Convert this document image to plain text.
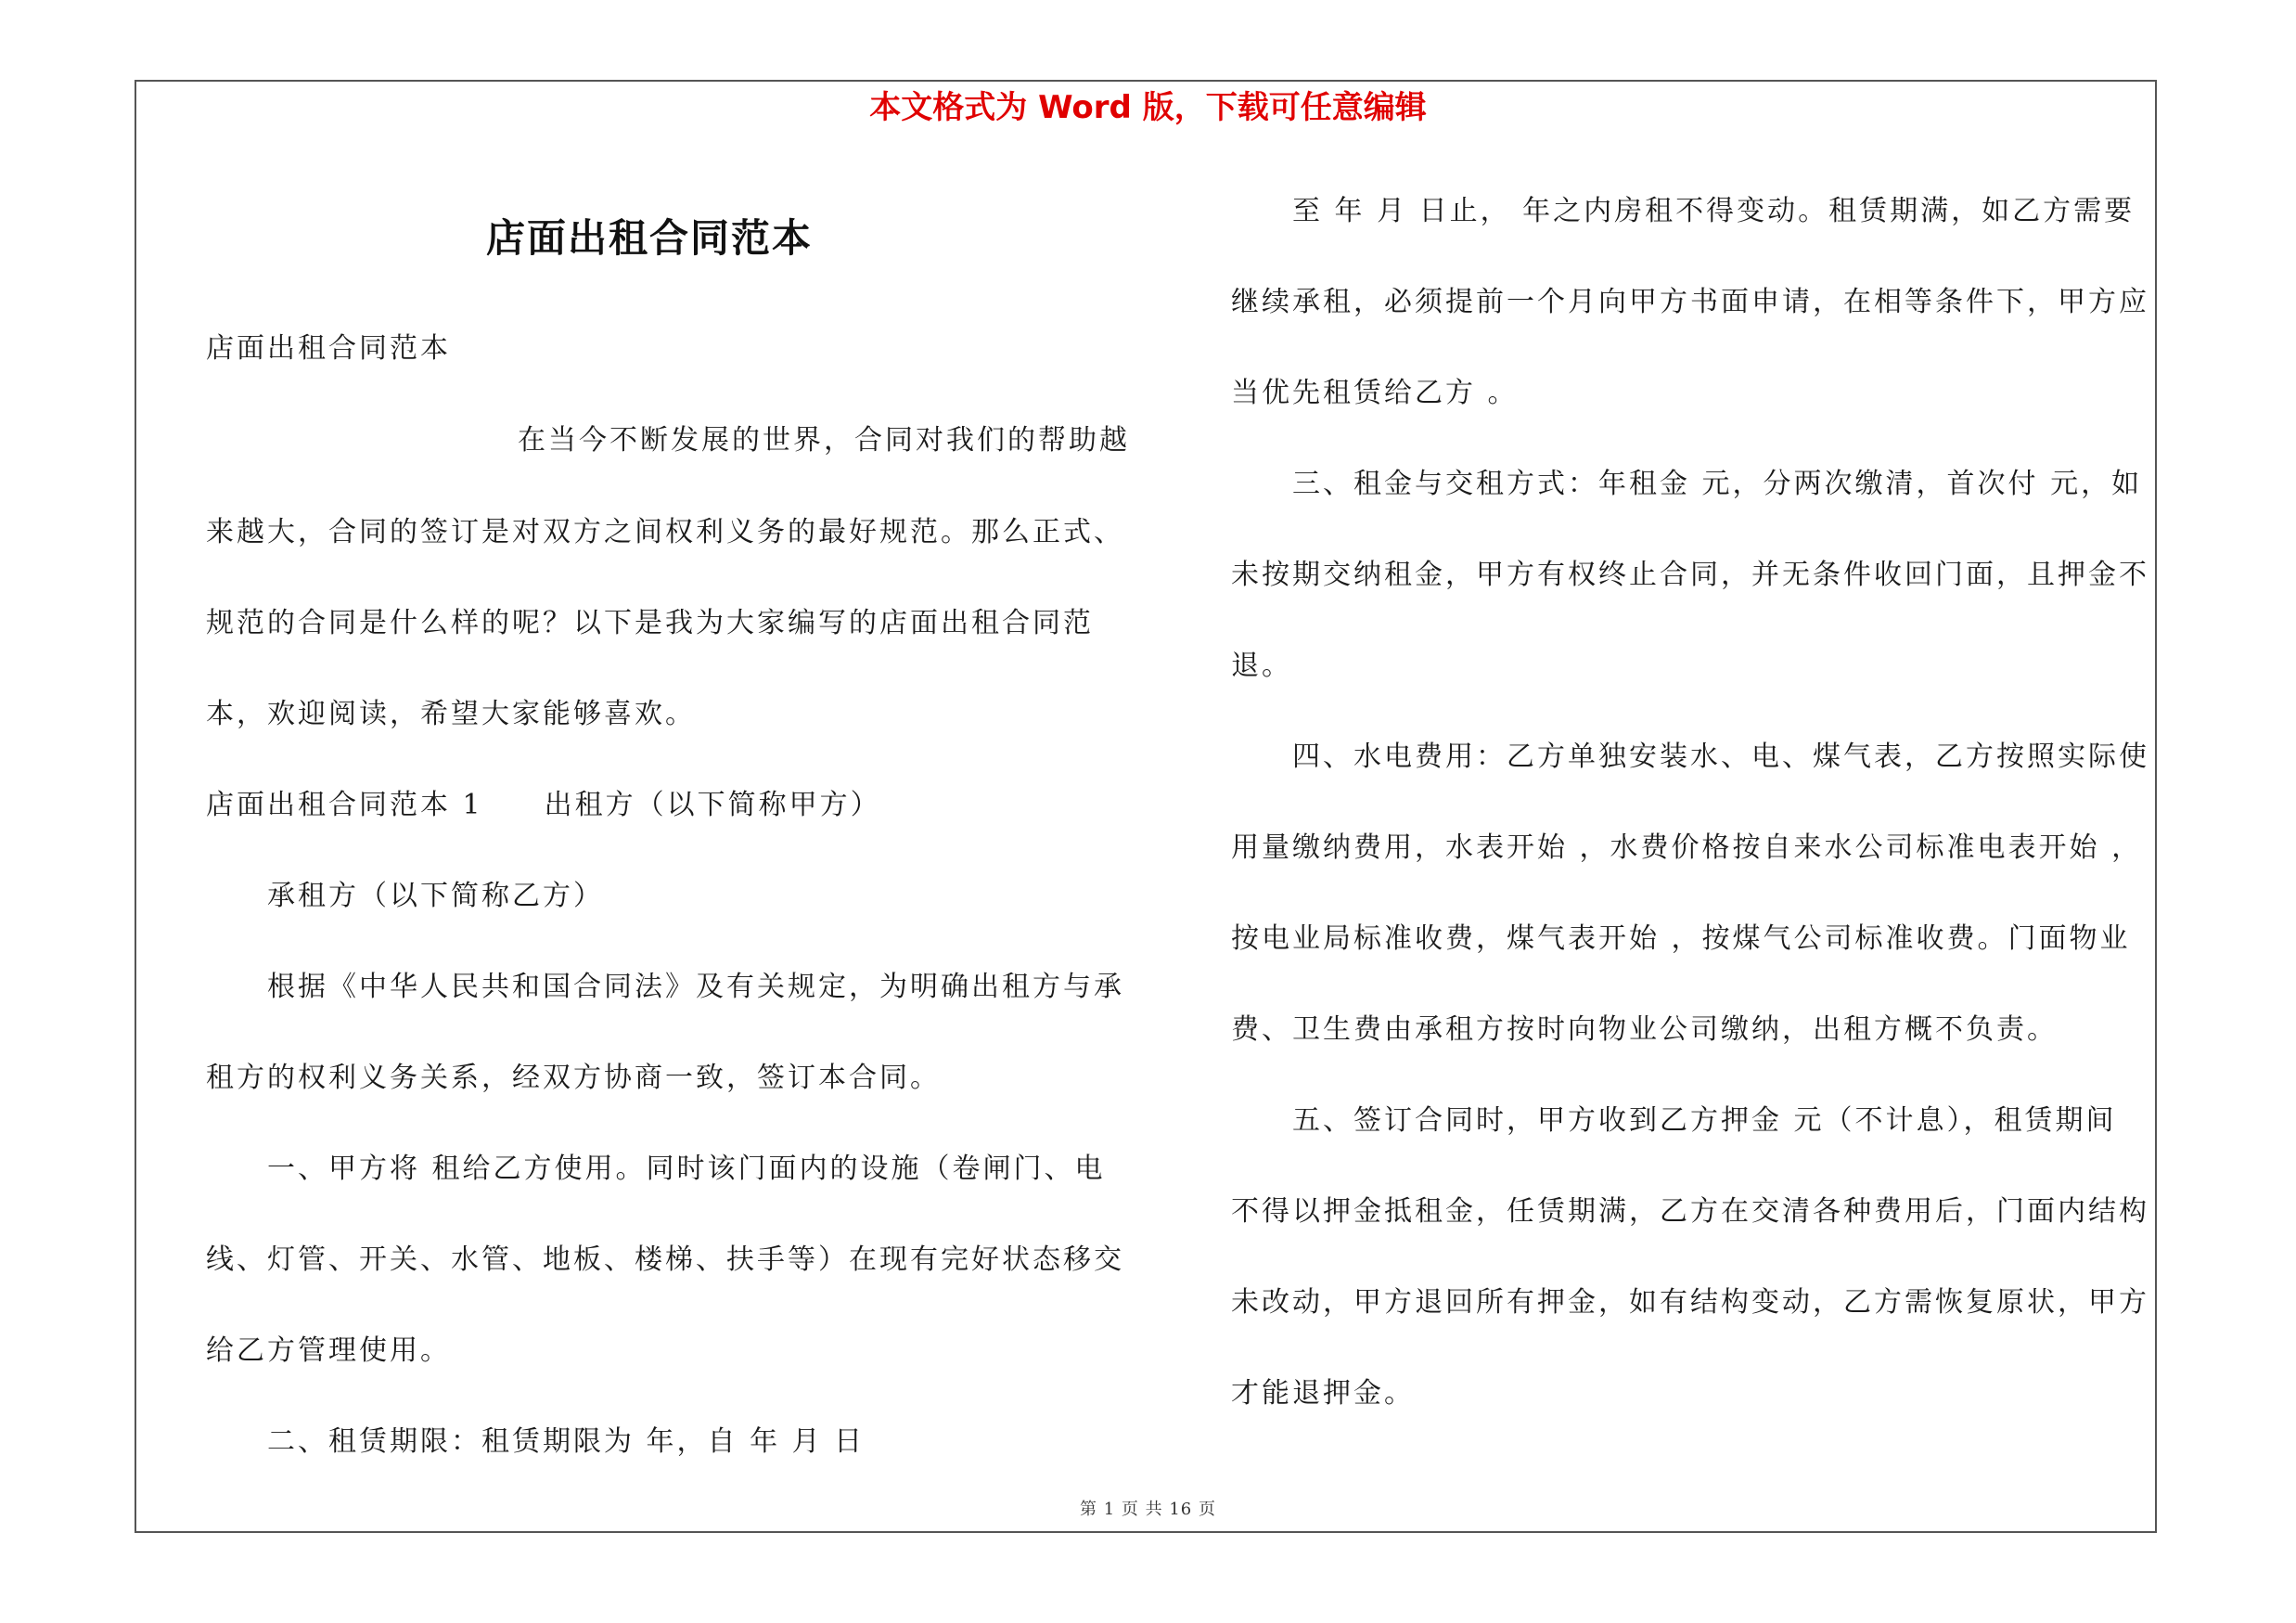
本文格式为 Word 版，下载可任意编辑
店面出租合同范本
店面出租合同范本
在当今不断发展的世界，合同对我们的帮助越
来越大，合同的签订是对双方之间权利义务的最好规范。那么正式、
规范的合同是什么样的呢？以下是我为大家编写的店面出租合同范
本，欢迎阅读，希望大家能够喜欢。
店面出租合同范本 1　　出租方（以下简称甲方）
承租方（以下简称乙方）
根据《中华人民共和国合同法》及有关规定，为明确出租方与承
租方的权利义务关系，经双方协商一致，签订本合同。
一、甲方将 租给乙方使用。同时该门面内的设施（卷闸门、电
线、灯管、开关、水管、地板、楼梯、扶手等）在现有完好状态移交
给乙方管理使用。
二、租赁期限：租赁期限为 年，自 年 月 日
至 年 月 日止， 年之内房租不得变动。租赁期满，如乙方需要
继续承租，必须提前一个月向甲方书面申请，在相等条件下，甲方应
当优先租赁给乙方 。
三、租金与交租方式：年租金 元，分两次缴清，首次付 元，如
未按期交纳租金，甲方有权终止合同，并无条件收回门面，且押金不
退。
四、水电费用：乙方单独安装水、电、煤气表，乙方按照实际使
用量缴纳费用，水表开始 ，水费价格按自来水公司标准电表开始 ，
按电业局标准收费，煤气表开始 ，按煤气公司标准收费。门面物业
费、卫生费由承租方按时向物业公司缴纳，出租方概不负责。
五、签订合同时，甲方收到乙方押金 元（不计息），租赁期间
不得以押金抵租金，任赁期满，乙方在交清各种费用后，门面内结构
未改动，甲方退回所有押金，如有结构变动，乙方需恢复原状，甲方
才能退押金。
第 1 页 共 16 页
